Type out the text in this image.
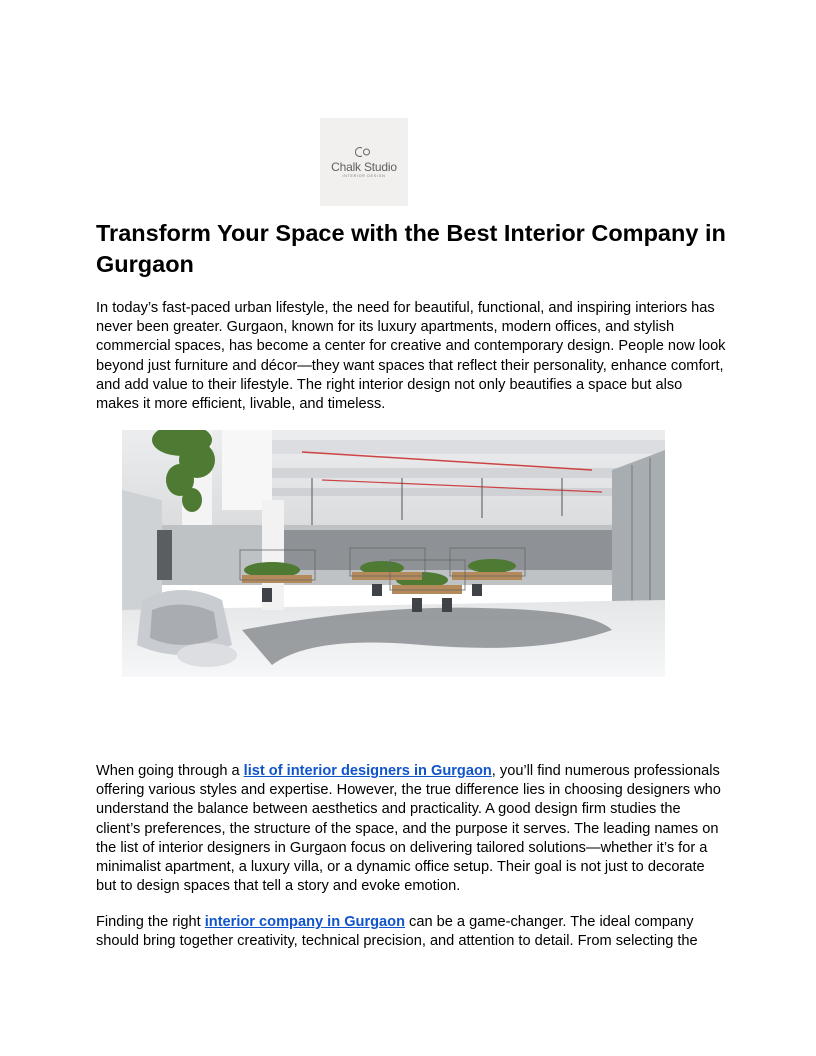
Chalk Studio
INTERIOR DESIGN
Transform Your Space with the Best Interior Company in Gurgaon

In today’s fast-paced urban lifestyle, the need for beautiful, functional, and inspiring interiors has never been greater. Gurgaon, known for its luxury apartments, modern offices, and stylish commercial spaces, has become a center for creative and contemporary design. People now look beyond just furniture and décor—they want spaces that reflect their personality, enhance comfort, and add value to their lifestyle. The right interior design not only beautifies a space but also makes it more efficient, livable, and timeless.

When going through a list of interior designers in Gurgaon, you’ll find numerous professionals offering various styles and expertise. However, the true difference lies in choosing designers who understand the balance between aesthetics and practicality. A good design firm studies the client’s preferences, the structure of the space, and the purpose it serves. The leading names on the list of interior designers in Gurgaon focus on delivering tailored solutions—whether it’s for a minimalist apartment, a luxury villa, or a dynamic office setup. Their goal is not just to decorate but to design spaces that tell a story and evoke emotion.

Finding the right interior company in Gurgaon can be a game-changer. The ideal company should bring together creativity, technical precision, and attention to detail. From selecting the
